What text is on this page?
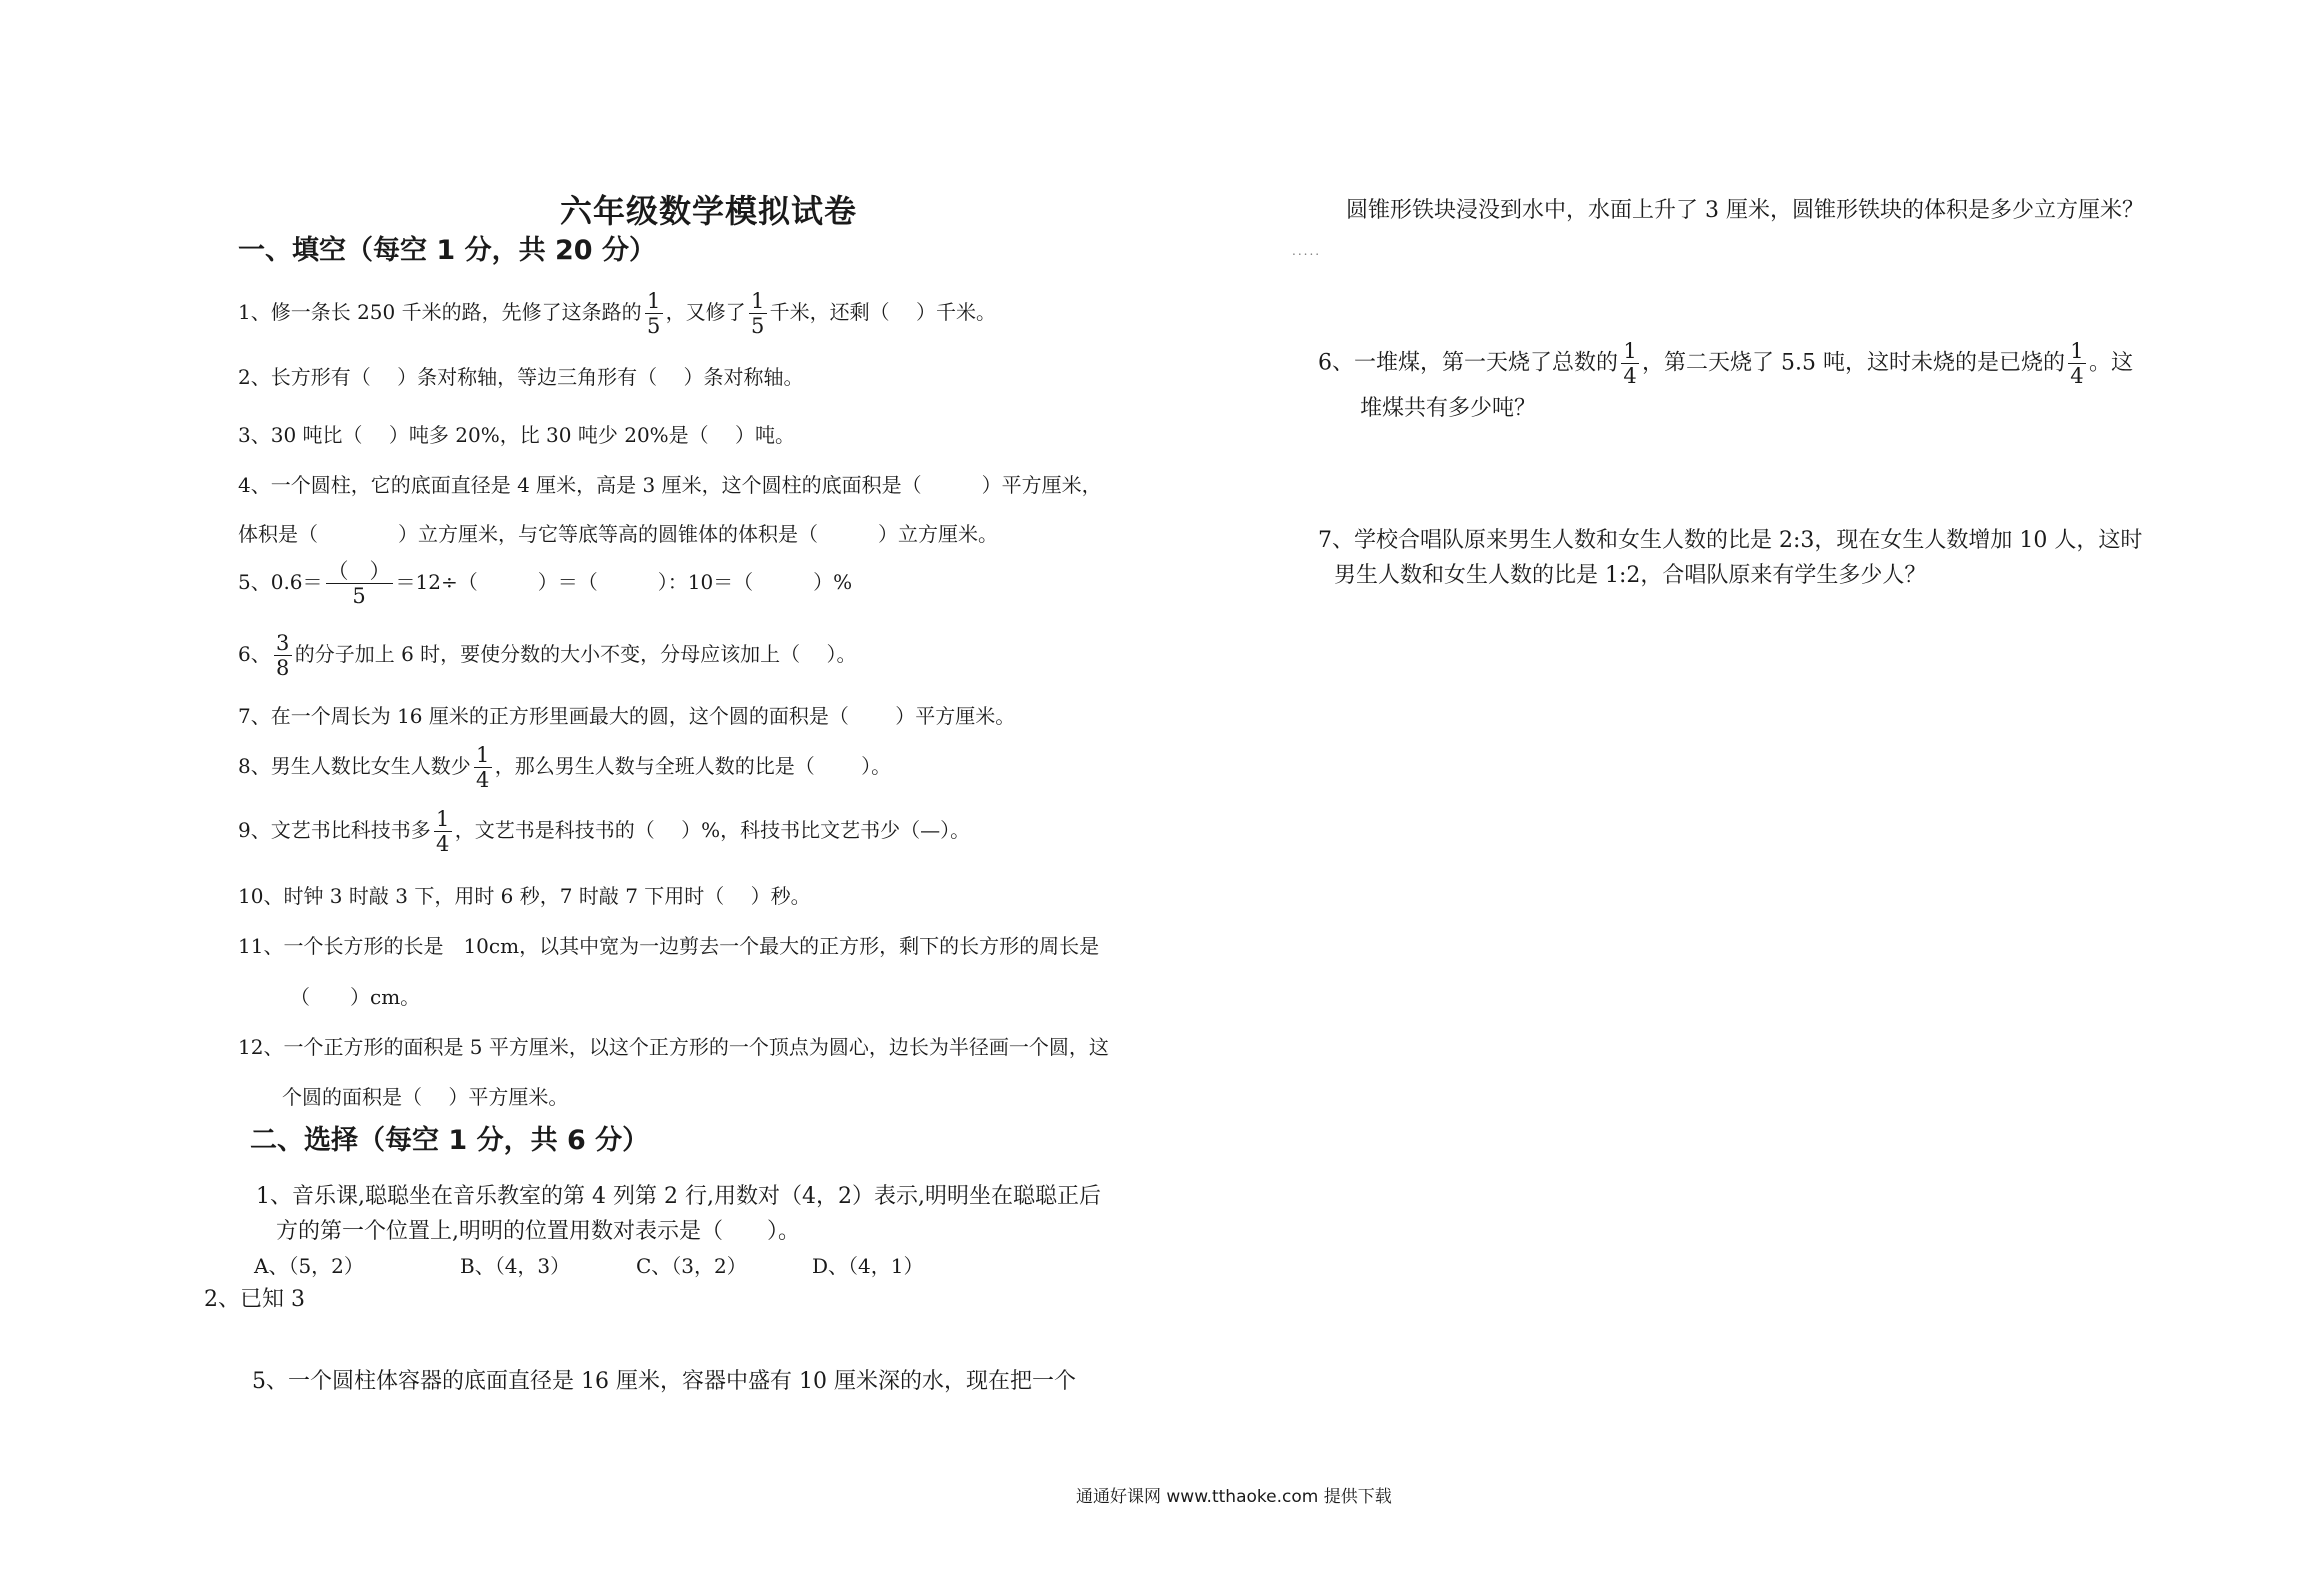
六年级数学模拟试卷
一、填空（每空 1 分，共 20 分）
1、修一条长 250 千米的路，先修了这条路的 $\frac{1}{5}$ ，又修了 $\frac{1}{5}$ 千米，还剩（　 ）千米。
2、长方形有（　 ）条对称轴，等边三角形有（　 ）条对称轴。
3、30 吨比（　 ）吨多 20%，比 30 吨少 20%是（　 ）吨。
4、一个圆柱，它的底面直径是 4 厘米，高是 3 厘米，这个圆柱的底面积是（　　　）平方厘米，
体积是（　　　　）立方厘米，与它等底等高的圆锥体的体积是（　　　）立方厘米。
5、$0.6= \frac{( )}{5} =12\div$（　　　）＝（　　　）：10＝（　　　）%
6、 $\frac{3}{8}$ 的分子加上 6 时，要使分数的大小不变，分母应该加上（　 ）。
7、在一个周长为 16 厘米的正方形里画最大的圆，这个圆的面积是（　　 ）平方厘米。
8、男生人数比女生人数少 $\frac{1}{4}$ ，那么男生人数与全班人数的比是（　　 ）。
9、文艺书比科技书多 $\frac{1}{4}$ ，文艺书是科技书的（　 ）%，科技书比文艺书少（—）。
10、时钟 3 时敲 3 下，用时 6 秒，7 时敲 7 下用时（　 ）秒。
11、一个长方形的长是　10cm，以其中宽为一边剪去一个最大的正方形，剩下的长方形的周长是
（　　）cm。
12、一个正方形的面积是 5 平方厘米，以这个正方形的一个顶点为圆心，边长为半径画一个圆，这
个圆的面积是（　 ）平方厘米。
二、选择（每空 1 分，共 6 分）
1、音乐课,聪聪坐在音乐教室的第 4 列第 2 行,用数对（4，2）表示,明明坐在聪聪正后
方的第一个位置上,明明的位置用数对表示是（　　）。
A、（5，2）	B、（4，3）	C、（3，2）	D、（4，1）
2、已知 3
5、一个圆柱体容器的底面直径是 16 厘米，容器中盛有 10 厘米深的水，现在把一个
圆锥形铁块浸没到水中，水面上升了 3 厘米，圆锥形铁块的体积是多少立方厘米？
.....
6、一堆煤，第一天烧了总数的 $\frac{1}{4}$ ，第二天烧了 5.5 吨，这时未烧的是已烧的 $\frac{1}{4}$ 。这
堆煤共有多少吨？
7、学校合唱队原来男生人数和女生人数的比是 2:3，现在女生人数增加 10 人，这时
男生人数和女生人数的比是 1:2，合唱队原来有学生多少人？
通通好课网 www.tthaoke.com 提供下载
